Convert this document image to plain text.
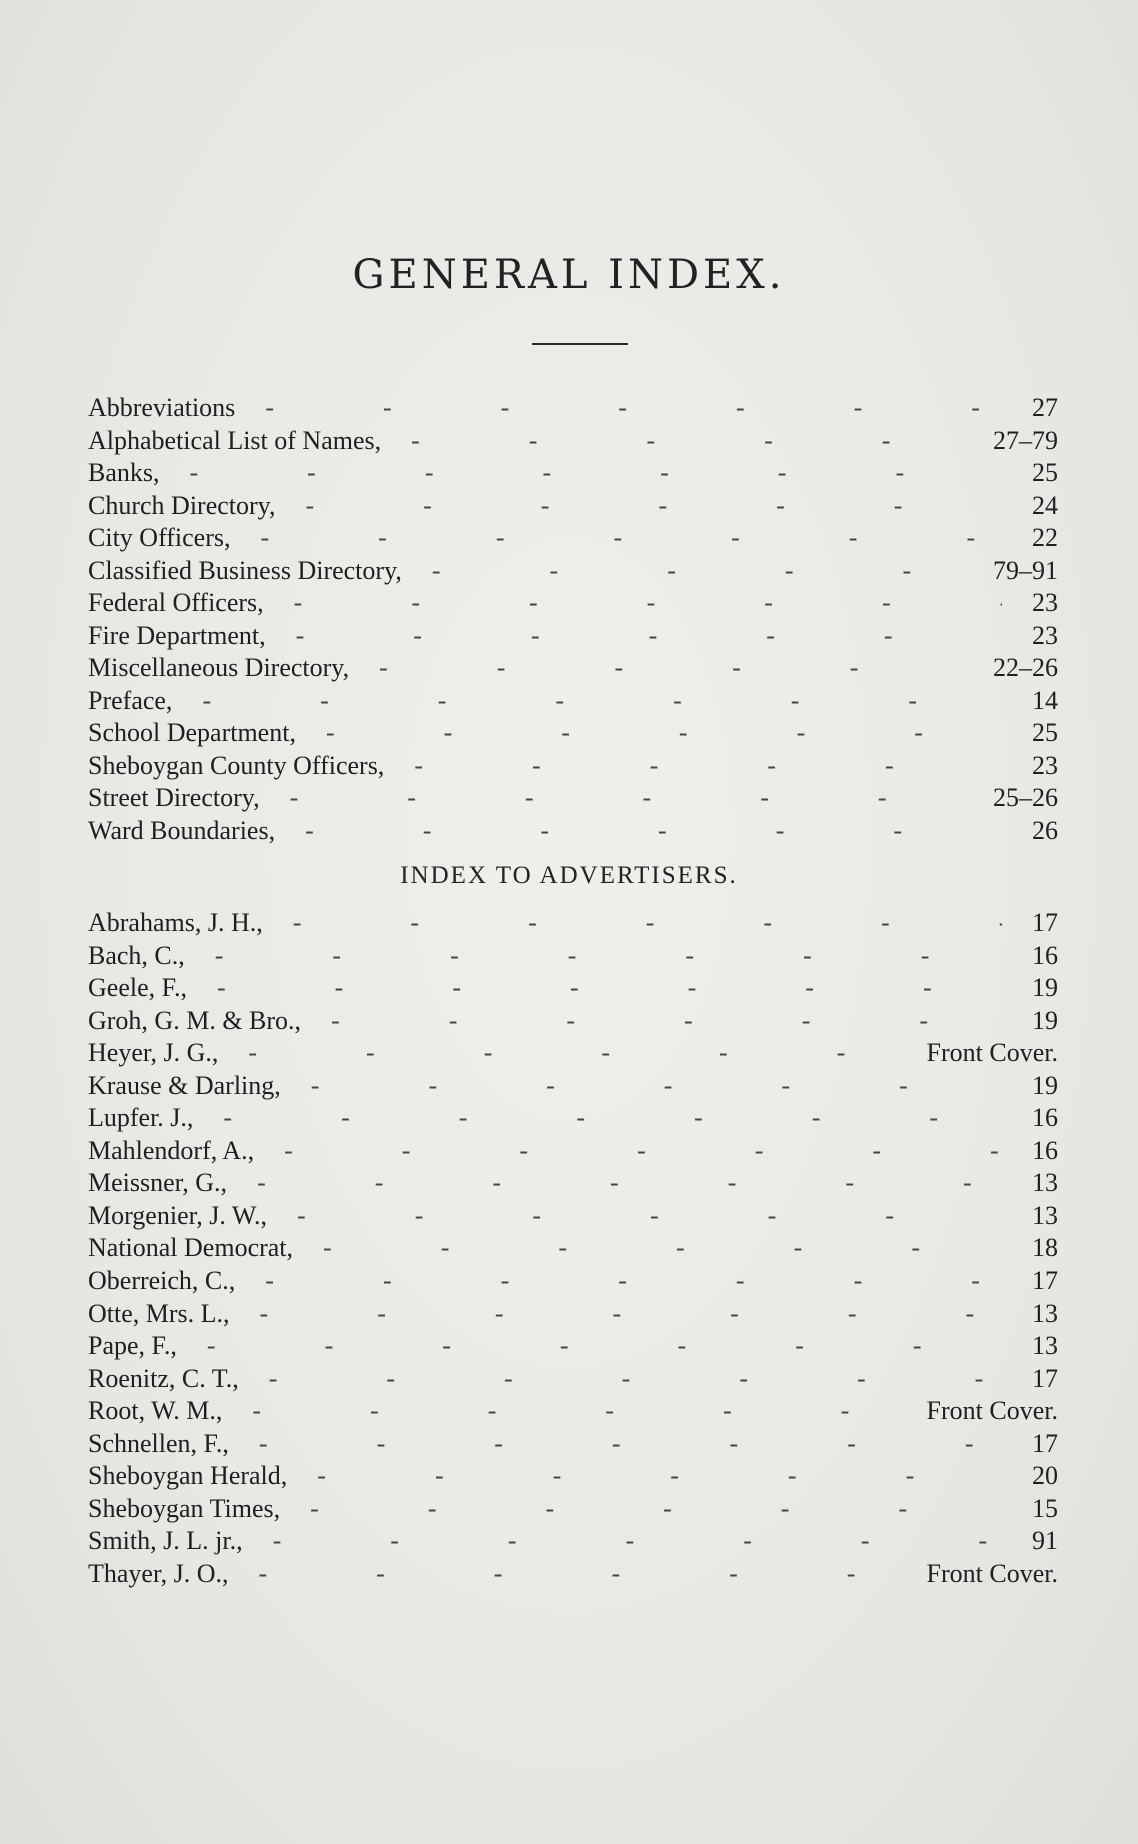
GENERAL INDEX.
Abbreviations -	27
Alphabetical List of Names, -	27–79
Banks, -	25
Church Directory, -	24
City Officers, -	22
Classified Business Directory, -	79–91
Federal Officers, -	23
Fire Department, -	23
Miscellaneous Directory, -	22–26
Preface, -	14
School Department, -	25
Sheboygan County Officers, -	23
Street Directory, -	25–26
Ward Boundaries, -	26
INDEX TO ADVERTISERS.
Abrahams, J. H., -	17
Bach, C., -	16
Geele, F., -	19
Groh, G. M. & Bro., -	19
Heyer, J. G., -	Front Cover.
Krause & Darling, -	19
Lupfer. J., -	16
Mahlendorf, A., -	16
Meissner, G., -	13
Morgenier, J. W., -	13
National Democrat, -	18
Oberreich, C., -	17
Otte, Mrs. L., -	13
Pape, F., -	13
Roenitz, C. T., -	17
Root, W. M., -	Front Cover.
Schnellen, F., -	17
Sheboygan Herald, -	20
Sheboygan Times, -	15
Smith, J. L. jr., -	91
Thayer, J. O., -	Front Cover.
